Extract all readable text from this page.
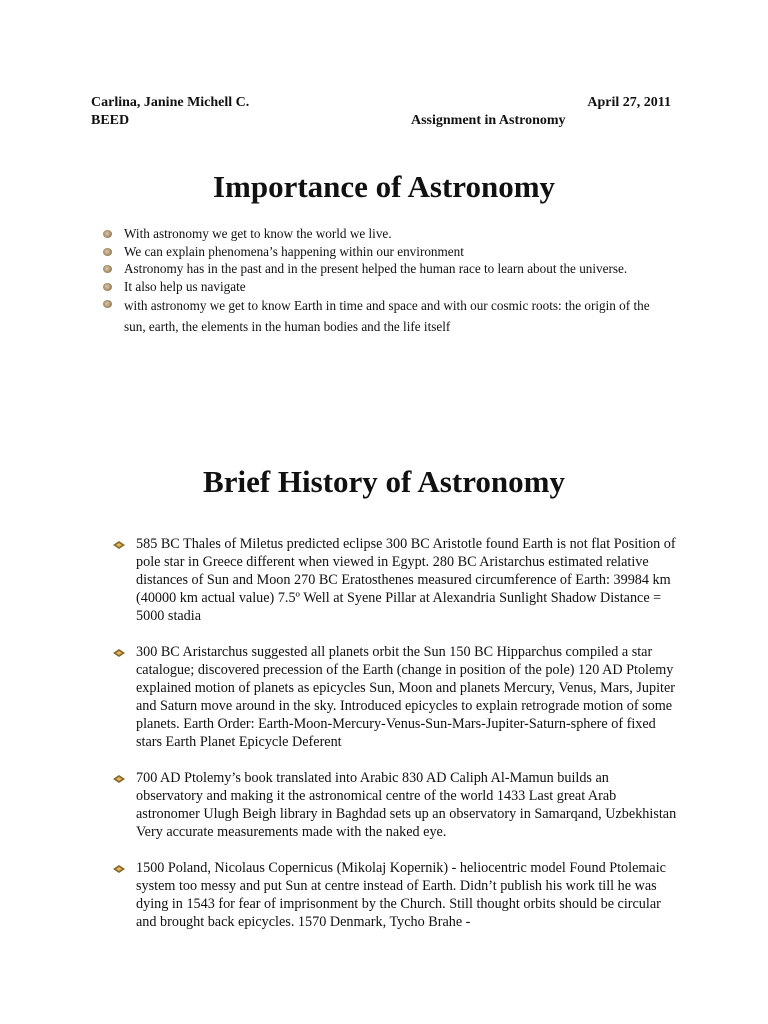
Carlina, Janine Michell C.	April 27, 2011
BEED	Assignment in Astronomy
Importance of Astronomy
With astronomy we get to know the world we live.
We can explain phenomena’s happening within our environment
Astronomy has in the past and in the present helped the human race to learn about the universe.
It also help us navigate
with astronomy we get to know Earth in time and space and with our cosmic roots: the origin of the sun, earth, the elements in the human bodies and the life itself
Brief History of Astronomy
585 BC Thales of Miletus predicted eclipse 300 BC Aristotle found Earth is not flat Position of pole star in Greece different when viewed in Egypt. 280 BC Aristarchus estimated relative distances of Sun and Moon 270 BC Eratosthenes measured circumference of Earth: 39984 km (40000 km actual value) 7.5º Well at Syene Pillar at Alexandria Sunlight Shadow Distance = 5000 stadia
300 BC Aristarchus suggested all planets orbit the Sun 150 BC Hipparchus compiled a star catalogue; discovered precession of the Earth (change in position of the pole) 120 AD Ptolemy explained motion of planets as epicycles Sun, Moon and planets Mercury, Venus, Mars, Jupiter and Saturn move around in the sky. Introduced epicycles to explain retrograde motion of some planets. Earth Order: Earth-Moon-Mercury-Venus-Sun-Mars-Jupiter-Saturn-sphere of fixed stars Earth Planet Epicycle Deferent
700 AD Ptolemy’s book translated into Arabic 830 AD Caliph Al-Mamun builds an observatory and making it the astronomical centre of the world 1433 Last great Arab astronomer Ulugh Beigh library in Baghdad sets up an observatory in Samarqand, Uzbekhistan Very accurate measurements made with the naked eye.
1500 Poland, Nicolaus Copernicus (Mikolaj Kopernik) - heliocentric model Found Ptolemaic system too messy and put Sun at centre instead of Earth. Didn’t publish his work till he was dying in 1543 for fear of imprisonment by the Church. Still thought orbits should be circular and brought back epicycles. 1570 Denmark, Tycho Brahe -
